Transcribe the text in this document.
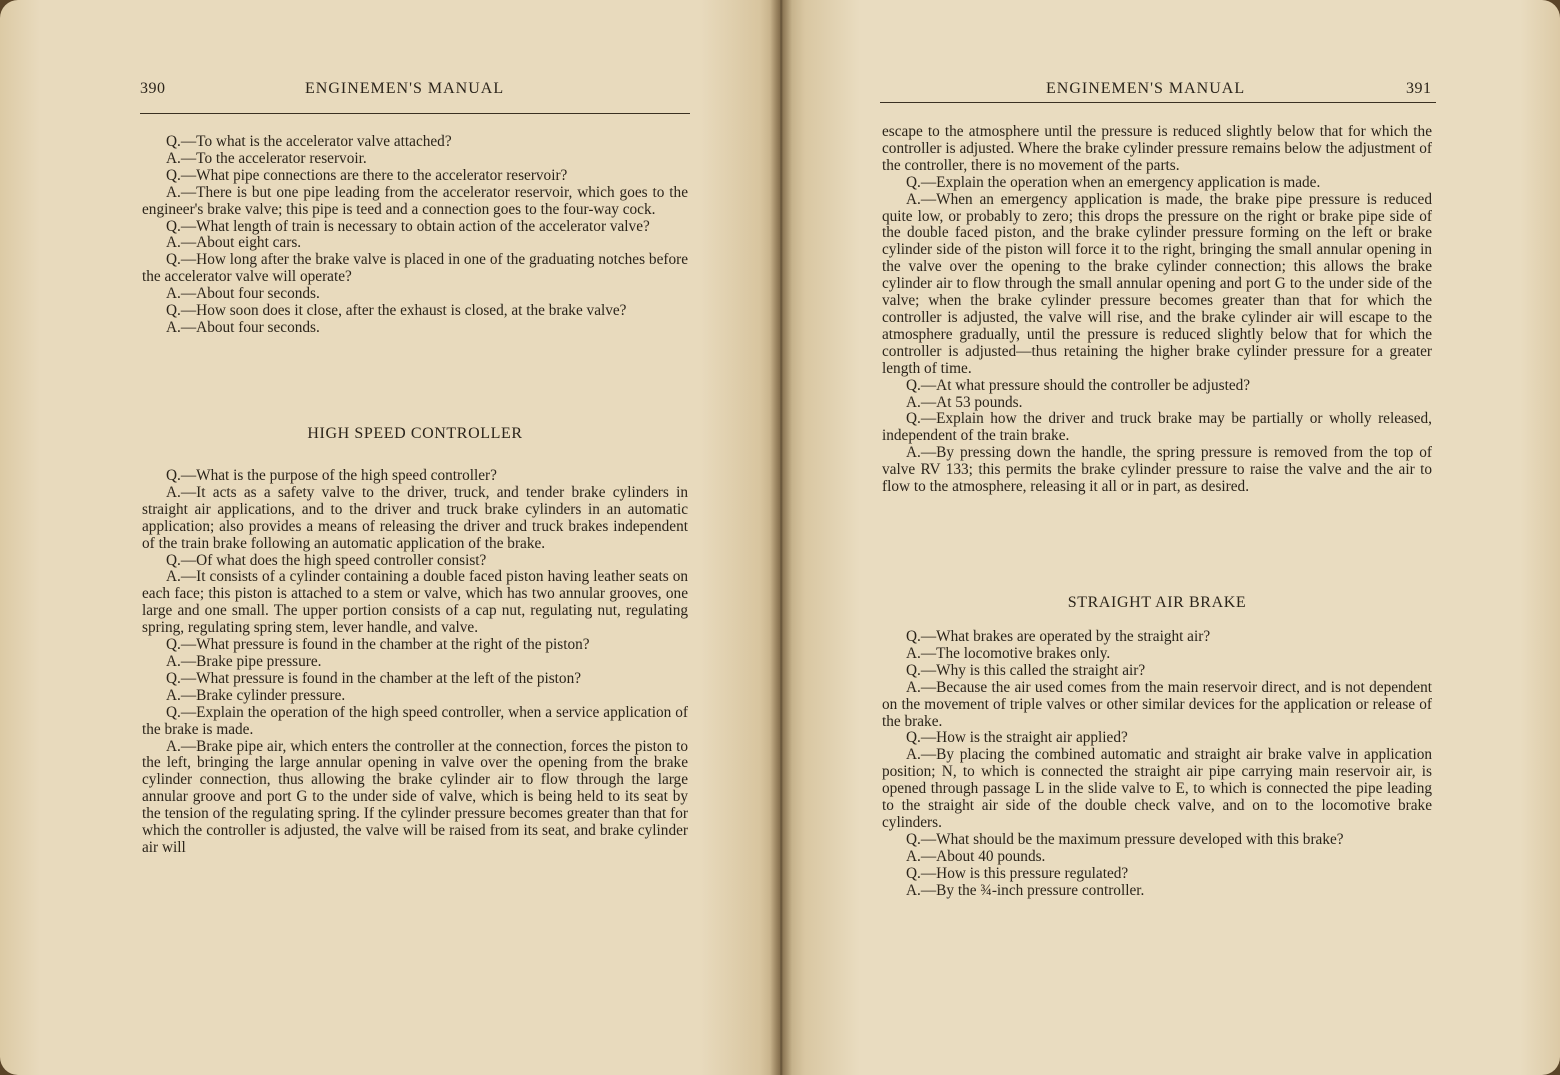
390	ENGINEMEN'S MANUAL

Q.—To what is the accelerator valve attached?

A.—To the accelerator reservoir.

Q.—What pipe connections are there to the accelerator reservoir?

A.—There is but one pipe leading from the accelerator reservoir, which goes to the engineer's brake valve; this pipe is teed and a connection goes to the four-way cock.

Q.—What length of train is necessary to obtain action of the accelerator valve?

A.—About eight cars.

Q.—How long after the brake valve is placed in one of the graduating notches before the accelerator valve will operate?

A.—About four seconds.

Q.—How soon does it close, after the exhaust is closed, at the brake valve?

A.—About four seconds.

HIGH SPEED CONTROLLER

Q.—What is the purpose of the high speed controller?

A.—It acts as a safety valve to the driver, truck, and tender brake cylinders in straight air applications, and to the driver and truck brake cylinders in an automatic application; also provides a means of releasing the driver and truck brakes independent of the train brake following an automatic application of the brake.

Q.—Of what does the high speed controller consist?

A.—It consists of a cylinder containing a double faced piston having leather seats on each face; this piston is attached to a stem or valve, which has two annular grooves, one large and one small. The upper portion consists of a cap nut, regulating nut, regulating spring, regulating spring stem, lever handle, and valve.

Q.—What pressure is found in the chamber at the right of the piston?

A.—Brake pipe pressure.

Q.—What pressure is found in the chamber at the left of the piston?

A.—Brake cylinder pressure.

Q.—Explain the operation of the high speed controller, when a service application of the brake is made.

A.—Brake pipe air, which enters the controller at the connection, forces the piston to the left, bringing the large annular opening in valve over the opening from the brake cylinder connection, thus allowing the brake cylinder air to flow through the large annular groove and port G to the under side of valve, which is being held to its seat by the tension of the regulating spring. If the cylinder pressure becomes greater than that for which the controller is adjusted, the valve will be raised from its seat, and brake cylinder air will

ENGINEMEN'S MANUAL	391

escape to the atmosphere until the pressure is reduced slightly below that for which the controller is adjusted. Where the brake cylinder pressure remains below the adjustment of the controller, there is no movement of the parts.

Q.—Explain the operation when an emergency application is made.

A.—When an emergency application is made, the brake pipe pressure is reduced quite low, or probably to zero; this drops the pressure on the right or brake pipe side of the double faced piston, and the brake cylinder pressure forming on the left or brake cylinder side of the piston will force it to the right, bringing the small annular opening in the valve over the opening to the brake cylinder connection; this allows the brake cylinder air to flow through the small annular opening and port G to the under side of the valve; when the brake cylinder pressure becomes greater than that for which the controller is adjusted, the valve will rise, and the brake cylinder air will escape to the atmosphere gradually, until the pressure is reduced slightly below that for which the controller is adjusted—thus retaining the higher brake cylinder pressure for a greater length of time.

Q.—At what pressure should the controller be adjusted?

A.—At 53 pounds.

Q.—Explain how the driver and truck brake may be partially or wholly released, independent of the train brake.

A.—By pressing down the handle, the spring pressure is removed from the top of valve RV 133; this permits the brake cylinder pressure to raise the valve and the air to flow to the atmosphere, releasing it all or in part, as desired.

STRAIGHT AIR BRAKE

Q.—What brakes are operated by the straight air?

A.—The locomotive brakes only.

Q.—Why is this called the straight air?

A.—Because the air used comes from the main reservoir direct, and is not dependent on the movement of triple valves or other similar devices for the application or release of the brake.

Q.—How is the straight air applied?

A.—By placing the combined automatic and straight air brake valve in application position; N, to which is connected the straight air pipe carrying main reservoir air, is opened through passage L in the slide valve to E, to which is connected the pipe leading to the straight air side of the double check valve, and on to the locomotive brake cylinders.

Q.—What should be the maximum pressure developed with this brake?

A.—About 40 pounds.

Q.—How is this pressure regulated?

A.—By the ¾-inch pressure controller.
